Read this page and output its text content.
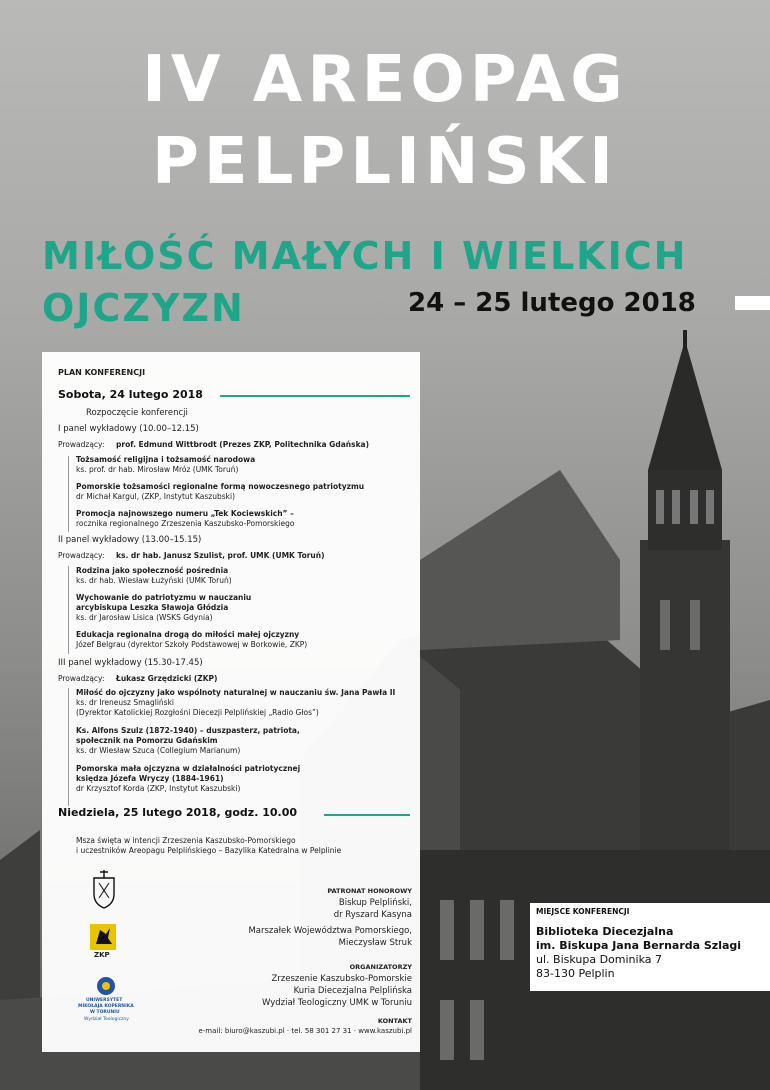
IV AREOPAG
PELPLIŃSKI
MIŁOŚĆ MAŁYCH I WIELKICH
OJCZYZN	24 – 25 lutego 2018
PLAN KONFERENCJI
Sobota, 24 lutego 2018
Rozpoczęcie konferencji
I panel wykładowy (10.00–12.15)
Prowadzący: prof. Edmund Wittbrodt (Prezes ZKP, Politechnika Gdańska)
Tożsamość religijna i tożsamość narodowa
ks. prof. dr hab. Mirosław Mróz (UMK Toruń)
Pomorskie tożsamości regionalne formą nowoczesnego patriotyzmu
dr Michał Kargul, (ZKP, Instytut Kaszubski)
Promocja najnowszego numeru „Tek Kociewskich” –
rocznika regionalnego Zrzeszenia Kaszubsko-Pomorskiego
II panel wykładowy (13.00–15.15)
Prowadzący: ks. dr hab. Janusz Szulist, prof. UMK (UMK Toruń)
Rodzina jako społeczność pośrednia
ks. dr hab. Wiesław Łużyński (UMK Toruń)
Wychowanie do patriotyzmu w nauczaniu
arcybiskupa Leszka Sławoja Głódzia
ks. dr Jarosław Lisica (WSKS Gdynia)
Edukacja regionalna drogą do miłości małej ojczyzny
Józef Belgrau (dyrektor Szkoły Podstawowej w Borkowie, ZKP)
III panel wykładowy (15.30-17.45)
Prowadzący: Łukasz Grzędzicki (ZKP)
Miłość do ojczyzny jako wspólnoty naturalnej w nauczaniu św. Jana Pawła II
ks. dr Ireneusz Smagliński
(Dyrektor Katolickiej Rozgłośni Diecezji Pelplińskiej „Radio Głos”)
Ks. Alfons Szulz (1872-1940) – duszpasterz, patriota,
społecznik na Pomorzu Gdańskim
ks. dr Wiesław Szuca (Collegium Marianum)
Pomorska mała ojczyzna w działalności patriotycznej
księdza Józefa Wryczy (1884-1961)
dr Krzysztof Korda (ZKP, Instytut Kaszubski)
Niedziela, 25 lutego 2018, godz. 10.00
Msza święta w intencji Zrzeszenia Kaszubsko-Pomorskiego
i uczestników Areopagu Pelplińskiego – Bazylika Katedralna w Pelplinie
ZKP
UNIWERSYTET
MIKOŁAJA KOPERNIKA
W TORUNIU
Wydział Teologiczny
PATRONAT HONOROWY
Biskup Pelpliński,
dr Ryszard Kasyna
Marszałek Województwa Pomorskiego,
Mieczysław Struk
ORGANIZATORZY
Zrzeszenie Kaszubsko-Pomorskie
Kuria Diecezjalna Pelplińska
Wydział Teologiczny UMK w Toruniu
KONTAKT
e-mail: biuro@kaszubi.pl · tel. 58 301 27 31 · www.kaszubi.pl
MIEJSCE KONFERENCJI
Biblioteka Diecezjalna
im. Biskupa Jana Bernarda Szlagi
ul. Biskupa Dominika 7
83-130 Pelplin
